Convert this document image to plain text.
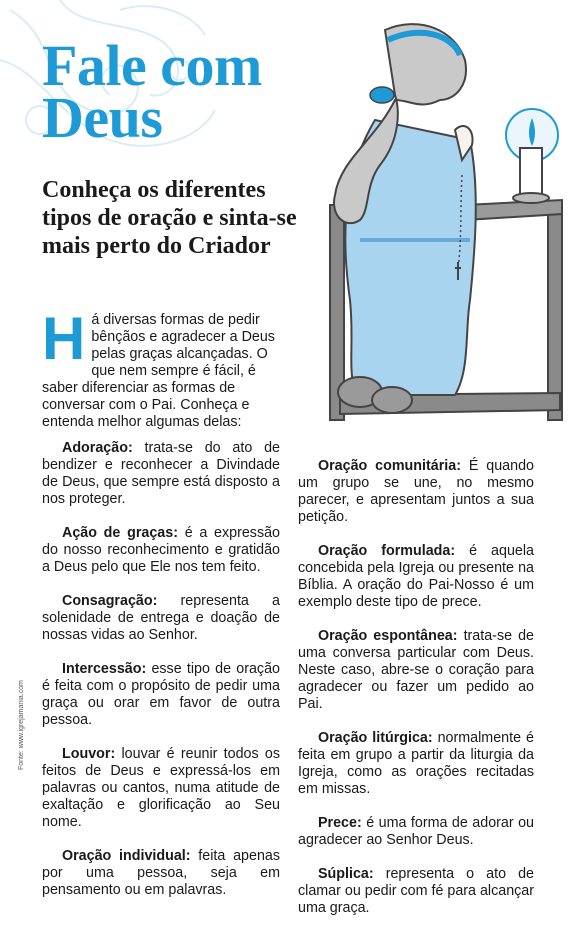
Fale com
Deus
Conheça os diferentes
tipos de oração e sinta-se
mais perto do Criador
Há diversas formas de pedir bênçãos e agradecer a Deus pelas graças alcançadas. O que nem sempre é fácil, é saber diferenciar as formas de conversar com o Pai. Conheça e entenda melhor algumas delas:

Adoração: trata-se do ato de bendizer e reconhecer a Divindade de Deus, que sempre está disposto a nos proteger.

Ação de graças: é a expressão do nosso reconhecimento e gratidão a Deus pelo que Ele nos tem feito.

Consagração: representa a solenidade de entrega e doação de nossas vidas ao Senhor.

Intercessão: esse tipo de oração é feita com o propósito de pedir uma graça ou orar em favor de outra pessoa.

Louvor: louvar é reunir todos os feitos de Deus e expressá-los em palavras ou cantos, numa atitude de exaltação e glorificação ao Seu nome.

Oração individual: feita apenas por uma pessoa, seja em pensamento ou em palavras.

Oração comunitária: É quando um grupo se une, no mesmo parecer, e apresentam juntos a sua petição.

Oração formulada: é aquela concebida pela Igreja ou presente na Bíblia. A oração do Pai-Nosso é um exemplo deste tipo de prece.

Oração espontânea: trata-se de uma conversa particular com Deus. Neste caso, abre-se o coração para agradecer ou fazer um pedido ao Pai.

Oração litúrgica: normalmente é feita em grupo a partir da liturgia da Igreja, como as orações recitadas em missas.

Prece: é uma forma de adorar ou agradecer ao Senhor Deus.

Súplica: representa o ato de clamar ou pedir com fé para alcançar uma graça.

Fonte: www.igrejamania.com
